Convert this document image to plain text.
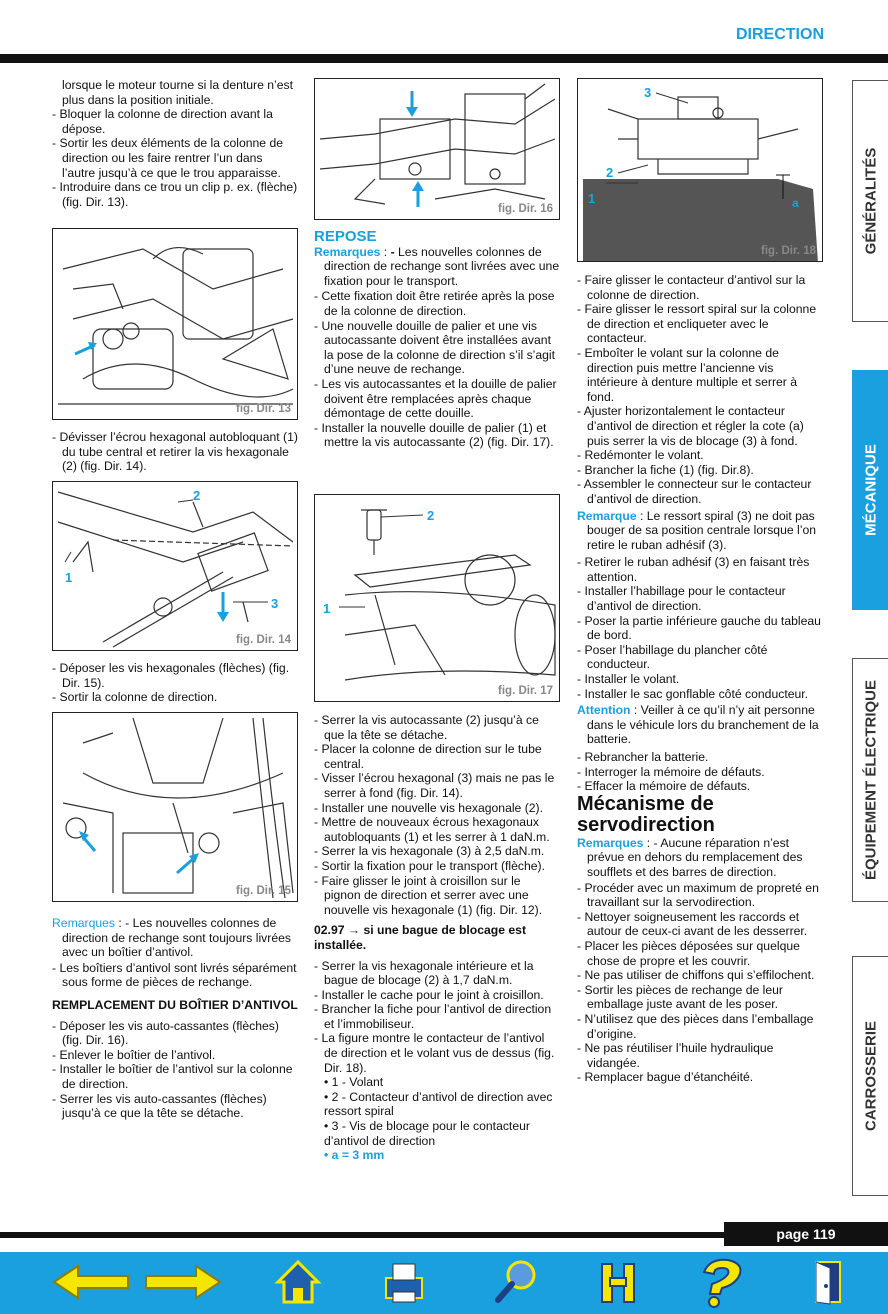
DIRECTION

lorsque le moteur tourne si la denture n’est plus dans la position initiale.

- Bloquer la colonne de direction avant la dépose.

- Sortir les deux éléments de la colonne de direction ou les faire rentrer l’un dans l’autre jusqu’à ce que le trou apparaisse.

- Introduire dans ce trou un clip p. ex. (flèche) (fig. Dir. 13).

fig. Dir. 13

- Dévisser l’écrou hexagonal autobloquant (1) du tube central et retirer la vis hexagonale (2) (fig. Dir. 14).

1
2
3
fig. Dir. 14

- Déposer les vis hexagonales (flèches) (fig. Dir. 15).

- Sortir la colonne de direction.

fig. Dir. 15

Remarques : - Les nouvelles colonnes de direction de rechange sont toujours livrées avec un boîtier d’antivol.

- Les boîtiers d’antivol sont livrés séparément sous forme de pièces de rechange.

REMPLACEMENT DU BOÎTIER D’ANTIVOL

- Déposer les vis auto-cassantes (flèches) (fig. Dir. 16).

- Enlever le boîtier de l’antivol.

- Installer le boîtier de l’antivol sur la colonne de direction.

- Serrer les vis auto-cassantes (flèches) jusqu’à ce que la tête se détache.

fig. Dir. 16

REPOSE

Remarques : - Les nouvelles colonnes de direction de rechange sont livrées avec une fixation pour le transport.

- Cette fixation doit être retirée après la pose de la colonne de direction.

- Une nouvelle douille de palier et une vis autocassante doivent être installées avant la pose de la colonne de direction s’il s’agit d’une neuve de rechange.

- Les vis autocassantes et la douille de palier doivent être remplacées après chaque démontage de cette douille.

- Installer la nouvelle douille de palier (1) et mettre la vis autocassante (2) (fig. Dir. 17).

1
2
fig. Dir. 17

- Serrer la vis autocassante (2) jusqu’à ce que la tête se détache.

- Placer la colonne de direction sur le tube central.

- Visser l’écrou hexagonal (3) mais ne pas le serrer à fond (fig. Dir. 14).

- Installer une nouvelle vis hexagonale (2).

- Mettre de nouveaux écrous hexagonaux autobloquants (1) et les serrer à 1 daN.m.

- Serrer la vis hexagonale (3) à 2,5 daN.m.

- Sortir la fixation pour le transport (flèche).

- Faire glisser le joint à croisillon sur le pignon de direction et serrer avec une nouvelle vis hexagonale (1) (fig. Dir. 12).

02.97 → si une bague de blocage est installée.

- Serrer la vis hexagonale intérieure et la bague de blocage (2) à 1,7 daN.m.

- Installer le cache pour le joint à croisillon.

- Brancher la fiche pour l’antivol de direction et l’immobiliseur.

- La figure montre le contacteur de l’antivol de direction et le volant vus de dessus (fig. Dir. 18).

• 1 - Volant

• 2 - Contacteur d’antivol de direction avec ressort spiral

• 3 - Vis de blocage pour le contacteur d’antivol de direction

• a = 3 mm

1
2
3
a
fig. Dir. 18

- Faire glisser le contacteur d’antivol sur la colonne de direction.

- Faire glisser le ressort spiral sur la colonne de direction et encliqueter avec le contacteur.

- Emboîter le volant sur la colonne de direction puis mettre l’ancienne vis intérieure à denture multiple et serrer à fond.

- Ajuster horizontalement le contacteur d’antivol de direction et régler la cote (a) puis serrer la vis de blocage (3) à fond.

- Redémonter le volant.

- Brancher la fiche (1) (fig. Dir.8).

- Assembler le connecteur sur le contacteur d’antivol de direction.

Remarque : Le ressort spiral (3) ne doit pas bouger de sa position centrale lorsque l’on retire le ruban adhésif (3).

- Retirer le ruban adhésif (3) en faisant très attention.

- Installer l’habillage pour le contacteur d’antivol de direction.

- Poser la partie inférieure gauche du tableau de bord.

- Poser l’habillage du plancher côté conducteur.

- Installer le volant.

- Installer le sac gonflable côté conducteur.

Attention : Veiller à ce qu’il n’y ait personne dans le véhicule lors du branchement de la batterie.

- Rebrancher la batterie.

- Interroger la mémoire de défauts.

- Effacer la mémoire de défauts.

Mécanisme de servodirection

Remarques : - Aucune réparation n’est prévue en dehors du remplacement des soufflets et des barres de direction.

- Procéder avec un maximum de propreté en travaillant sur la servodirection.

- Nettoyer soigneusement les raccords et autour de ceux-ci avant de les desserrer.

- Placer les pièces déposées sur quelque chose de propre et les couvrir.

- Ne pas utiliser de chiffons qui s’effilochent.

- Sortir les pièces de rechange de leur emballage juste avant de les poser.

- N’utilisez que des pièces dans l’emballage d’origine.

- Ne pas réutiliser l’huile hydraulique vidangée.

- Remplacer bague d’étanchéité.

GÉNÉRALITÉS
MÉCANIQUE
ÉQUIPEMENT ÉLECTRIQUE
CARROSSERIE
page 119
